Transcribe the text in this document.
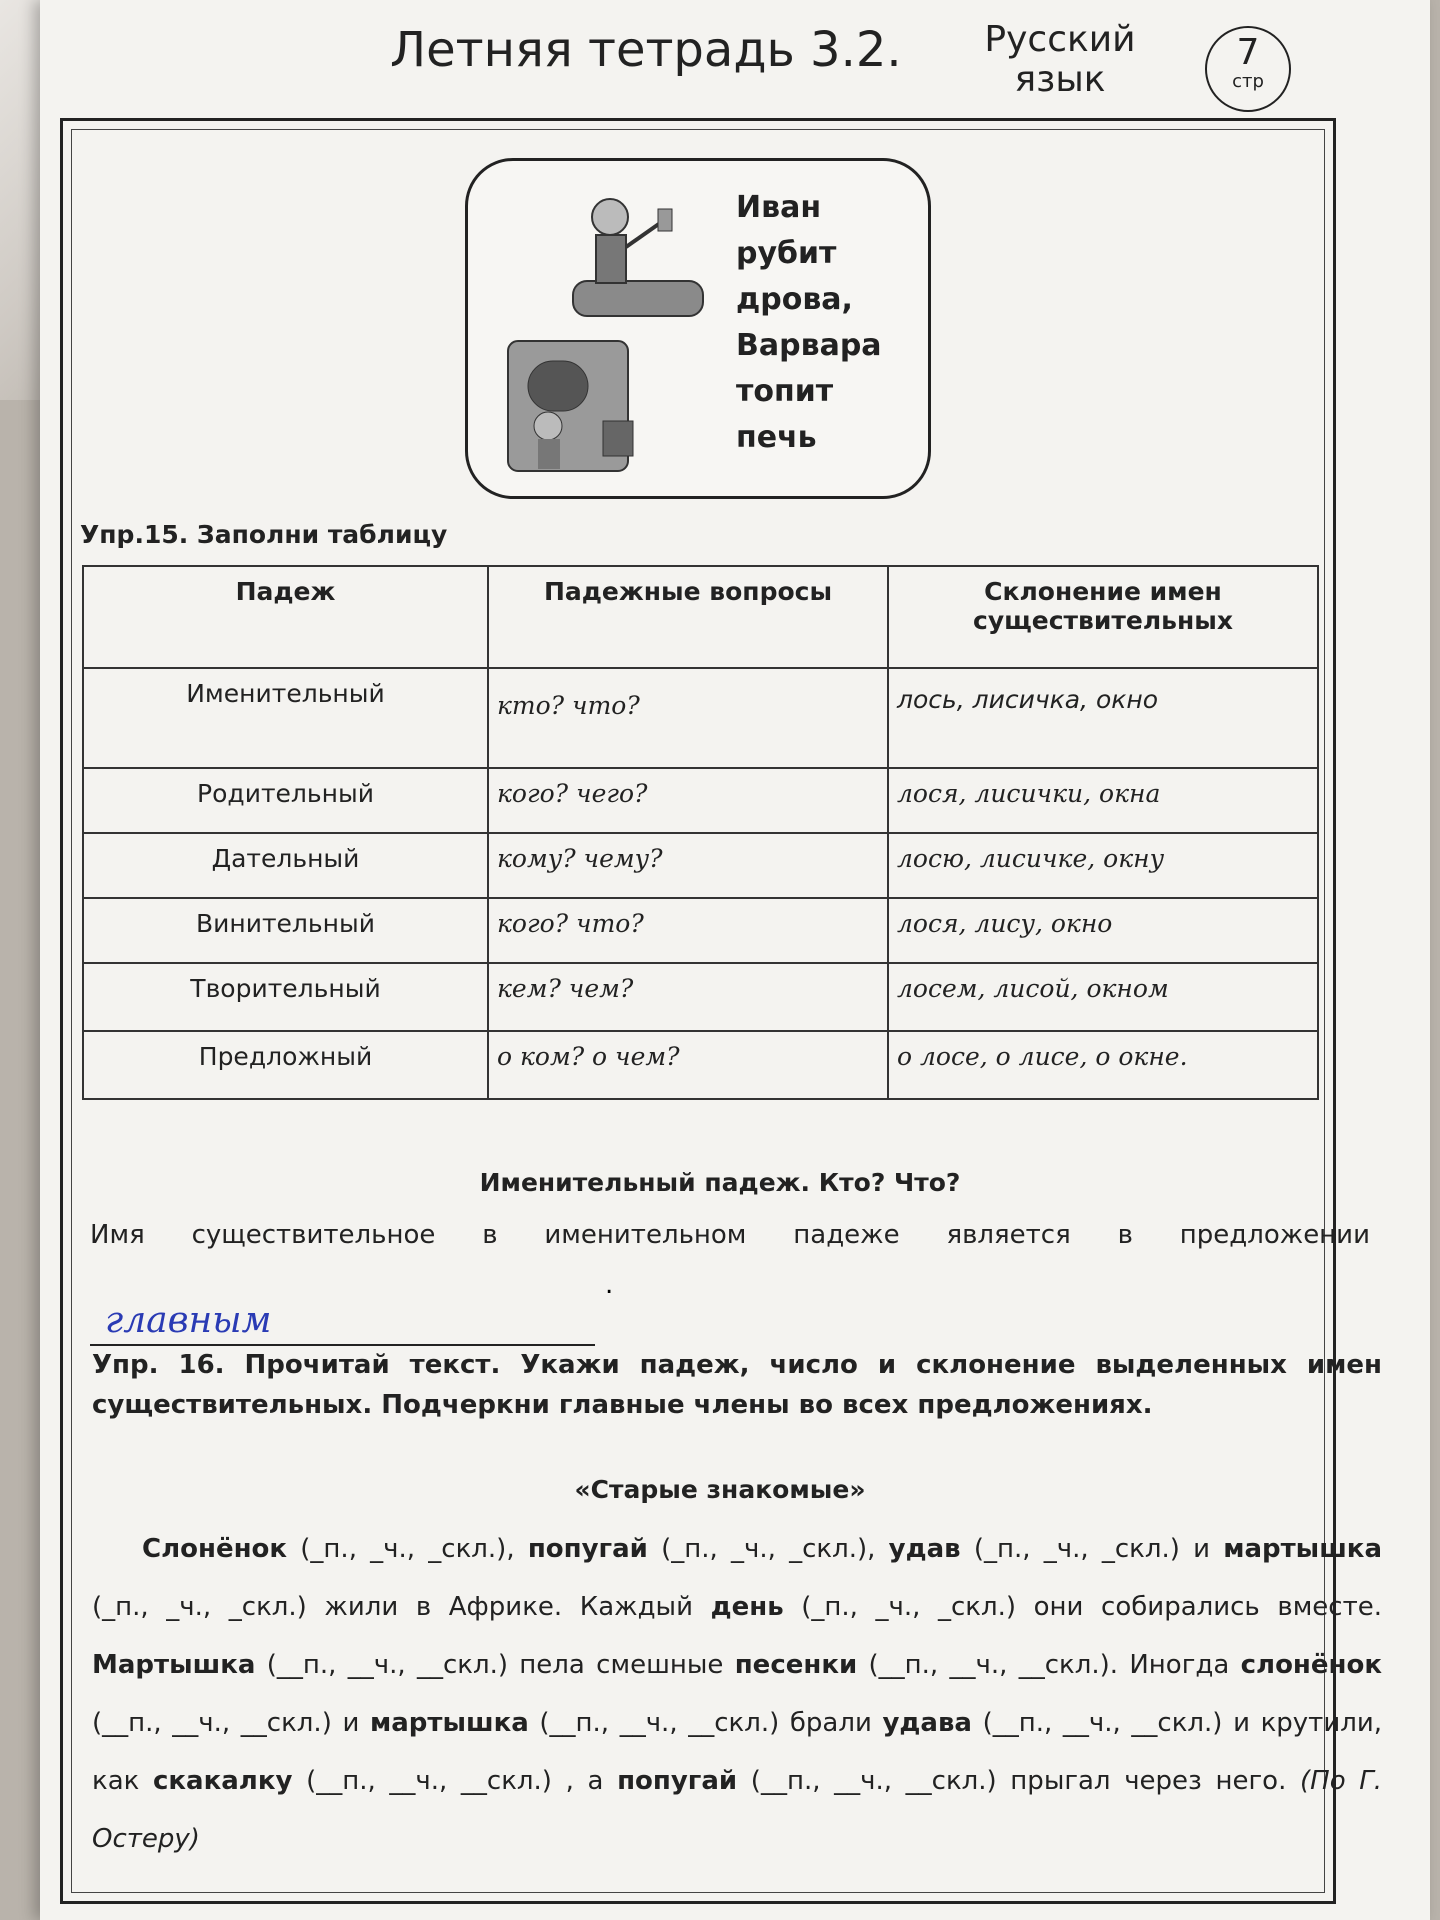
Летняя тетрадь 3.2.	Русский
язык
7
стр
Иван
рубит
дрова,
Варвара
топит
печь
Упр.15. Заполни таблицу
Падеж	Падежные вопросы	Склонение имен существительных
Именительный	кто? что?	лось, лисичка, окно
Родительный	кого? чего?	лося, лисички, окна
Дательный	кому? чему?	лосю, лисичке, окну
Винительный	кого? что?	лося, лису, окно
Творительный	кем? чем?	лосем, лисой, окном
Предложный	о ком? о чем?	о лосе, о лисе, о окне.
Именительный падеж. Кто? Что?
Имя существительное в именительном падеже является в предложении
главным
.
Упр. 16. Прочитай текст. Укажи падеж, число и склонение выделенных имен существительных. Подчеркни главные члены во всех предложениях.
«Старые знакомые»
Слонёнок (_п., _ч., _скл.), попугай (_п., _ч., _скл.), удав (_п., _ч., _скл.) и мартышка (_п., _ч., _скл.) жили в Африке. Каждый день (_п., _ч., _скл.) они собирались вместе. Мартышка (__п., __ч., __скл.) пела смешные песенки (__п., __ч., __скл.). Иногда слонёнок (__п., __ч., __скл.) и мартышка (__п., __ч., __скл.) брали удава (__п., __ч., __скл.) и крутили, как скакалку (__п., __ч., __скл.) , а попугай (__п., __ч., __скл.) прыгал через него. (По Г. Остеру)
